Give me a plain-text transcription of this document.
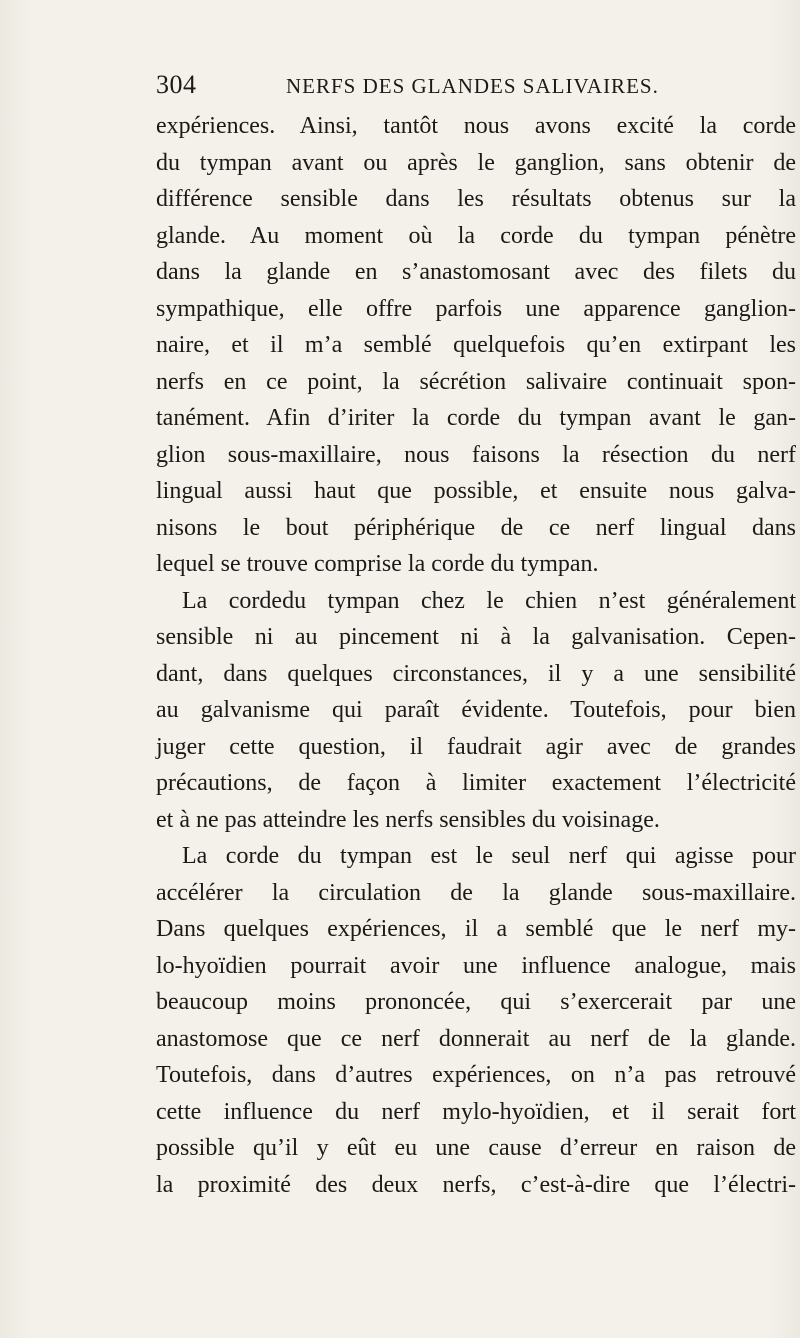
304	NERFS DES GLANDES SALIVAIRES.
expériences. Ainsi, tantôt nous avons excité la corde
du tympan avant ou après le ganglion, sans obtenir de
différence sensible dans les résultats obtenus sur la
glande. Au moment où la corde du tympan pénètre
dans la glande en s’anastomosant avec des filets du
sympathique, elle offre parfois une apparence ganglion-
naire, et il m’a semblé quelquefois qu’en extirpant les
nerfs en ce point, la sécrétion salivaire continuait spon-
tanément. Afin d’iriter la corde du tympan avant le gan-
glion sous-maxillaire, nous faisons la résection du nerf
lingual aussi haut que possible, et ensuite nous galva-
nisons le bout périphérique de ce nerf lingual dans
lequel se trouve comprise la corde du tympan.
La cordedu tympan chez le chien n’est généralement
sensible ni au pincement ni à la galvanisation. Cepen-
dant, dans quelques circonstances, il y a une sensibilité
au galvanisme qui paraît évidente. Toutefois, pour bien
juger cette question, il faudrait agir avec de grandes
précautions, de façon à limiter exactement l’électricité
et à ne pas atteindre les nerfs sensibles du voisinage.
La corde du tympan est le seul nerf qui agisse pour
accélérer la circulation de la glande sous-maxillaire.
Dans quelques expériences, il a semblé que le nerf my-
lo-hyoïdien pourrait avoir une influence analogue, mais
beaucoup moins prononcée, qui s’exercerait par une
anastomose que ce nerf donnerait au nerf de la glande.
Toutefois, dans d’autres expériences, on n’a pas retrouvé
cette influence du nerf mylo-hyoïdien, et il serait fort
possible qu’il y eût eu une cause d’erreur en raison de
la proximité des deux nerfs, c’est-à-dire que l’électri-
